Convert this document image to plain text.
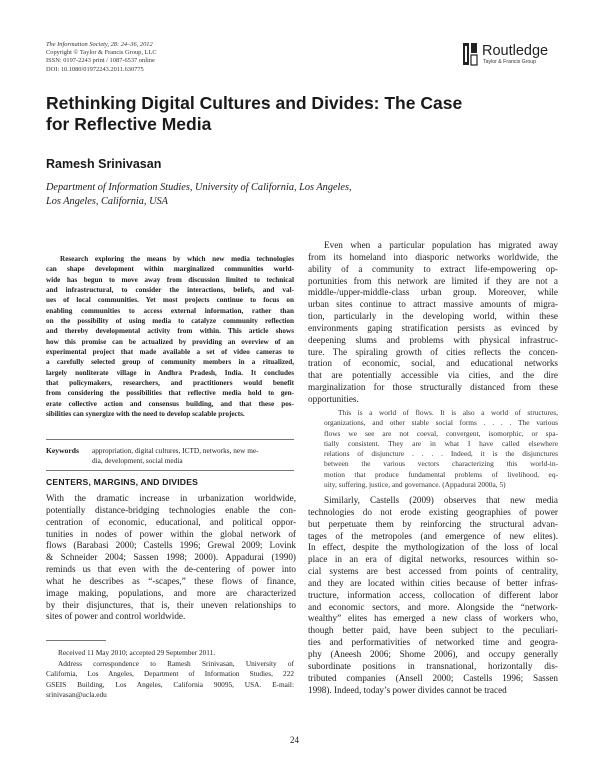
The Information Society, 28: 24–36, 2012
Copyright © Taylor & Francis Group, LLC
ISSN: 0197-2243 print / 1087-6537 online
DOI: 10.1080/01972243.2011.630775
Routledge
Taylor & Francis Group
Rethinking Digital Cultures and Divides: The Case
for Reflective Media
Ramesh Srinivasan
Department of Information Studies, University of California, Los Angeles,
Los Angeles, California, USA
Research exploring the means by which new media technologies
can shape development within marginalized communities world-
wide has begun to move away from discussion limited to technical
and infrastructural, to consider the interactions, beliefs, and val-
ues of local communities. Yet most projects continue to focus on
enabling communities to access external information, rather than
on the possibility of using media to catalyze community reflection
and thereby developmental activity from within. This article shows
how this promise can be actualized by providing an overview of an
experimental project that made available a set of video cameras to
a carefully selected group of community members in a ritualized,
largely nonliterate village in Andhra Pradesh, India. It concludes
that policymakers, researchers, and practitioners would benefit
from considering the possibilities that reflective media hold to gen-
erate collective action and consensus building, and that these pos-
sibilities can synergize with the need to develop scalable projects.
Keywords appropriation, digital cultures, ICTD, networks, new me-
dia, development, social media
CENTERS, MARGINS, AND DIVIDES
With the dramatic increase in urbanization worldwide,
potentially distance-bridging technologies enable the con-
centration of economic, educational, and political oppor-
tunities in nodes of power within the global network of
flows (Barabasi 2000; Castells 1996; Grewal 2009; Lovink
& Schneider 2004; Sassen 1998; 2000). Appadurai (1990)
reminds us that even with the de-centering of power into
what he describes as “-scapes,” these flows of finance,
image making, populations, and more are characterized
by their disjunctures, that is, their uneven relationships to
sites of power and control worldwide.
Received 11 May 2010; accepted 29 September 2011.
Address correspondence to Ramesh Srinivasan, University of
California, Los Angeles, Department of Information Studies, 222
GSEIS Building, Los Angeles, California 90095, USA. E-mail:
srinivasan@ucla.edu
Even when a particular population has migrated away
from its homeland into diasporic networks worldwide, the
ability of a community to extract life-empowering op-
portunities from this network are limited if they are not a
middle-/upper-middle-class urban group. Moreover, while
urban sites continue to attract massive amounts of migra-
tion, particularly in the developing world, within these
environments gaping stratification persists as evinced by
deepening slums and problems with physical infrastruc-
ture. The spiraling growth of cities reflects the concen-
tration of economic, social, and educational networks
that are potentially accessible via cities, and the dire
marginalization for those structurally distanced from these
opportunities.
This is a world of flows. It is also a world of structures,
organizations, and other stable social forms . . . . The various
flows we see are not coeval, convergent, isomorphic, or spa-
tially consistent. They are in what I have called elsewhere
relations of disjuncture . . . . Indeed, it is the disjunctures
between the various vectors characterizing this world-in-
motion that produce fundamental problems of livelihood, eq-
uity, suffering, justice, and governance. (Appadurai 2000a, 5)
Similarly, Castells (2009) observes that new media
technologies do not erode existing geographies of power
but perpetuate them by reinforcing the structural advan-
tages of the metropoles (and emergence of new elites).
In effect, despite the mythologization of the loss of local
place in an era of digital networks, resources within so-
cial systems are best accessed from points of centrality,
and they are located within cities because of better infras-
tructure, information access, collocation of different labor
and economic sectors, and more. Alongside the “network-
wealthy” elites has emerged a new class of workers who,
though better paid, have been subject to the peculiari-
ties and performativities of networked time and geogra-
phy (Aneesh 2006; Shome 2006), and occupy generally
subordinate positions in transnational, horizontally dis-
tributed companies (Ansell 2000; Castells 1996; Sassen
1998). Indeed, today’s power divides cannot be traced
24
